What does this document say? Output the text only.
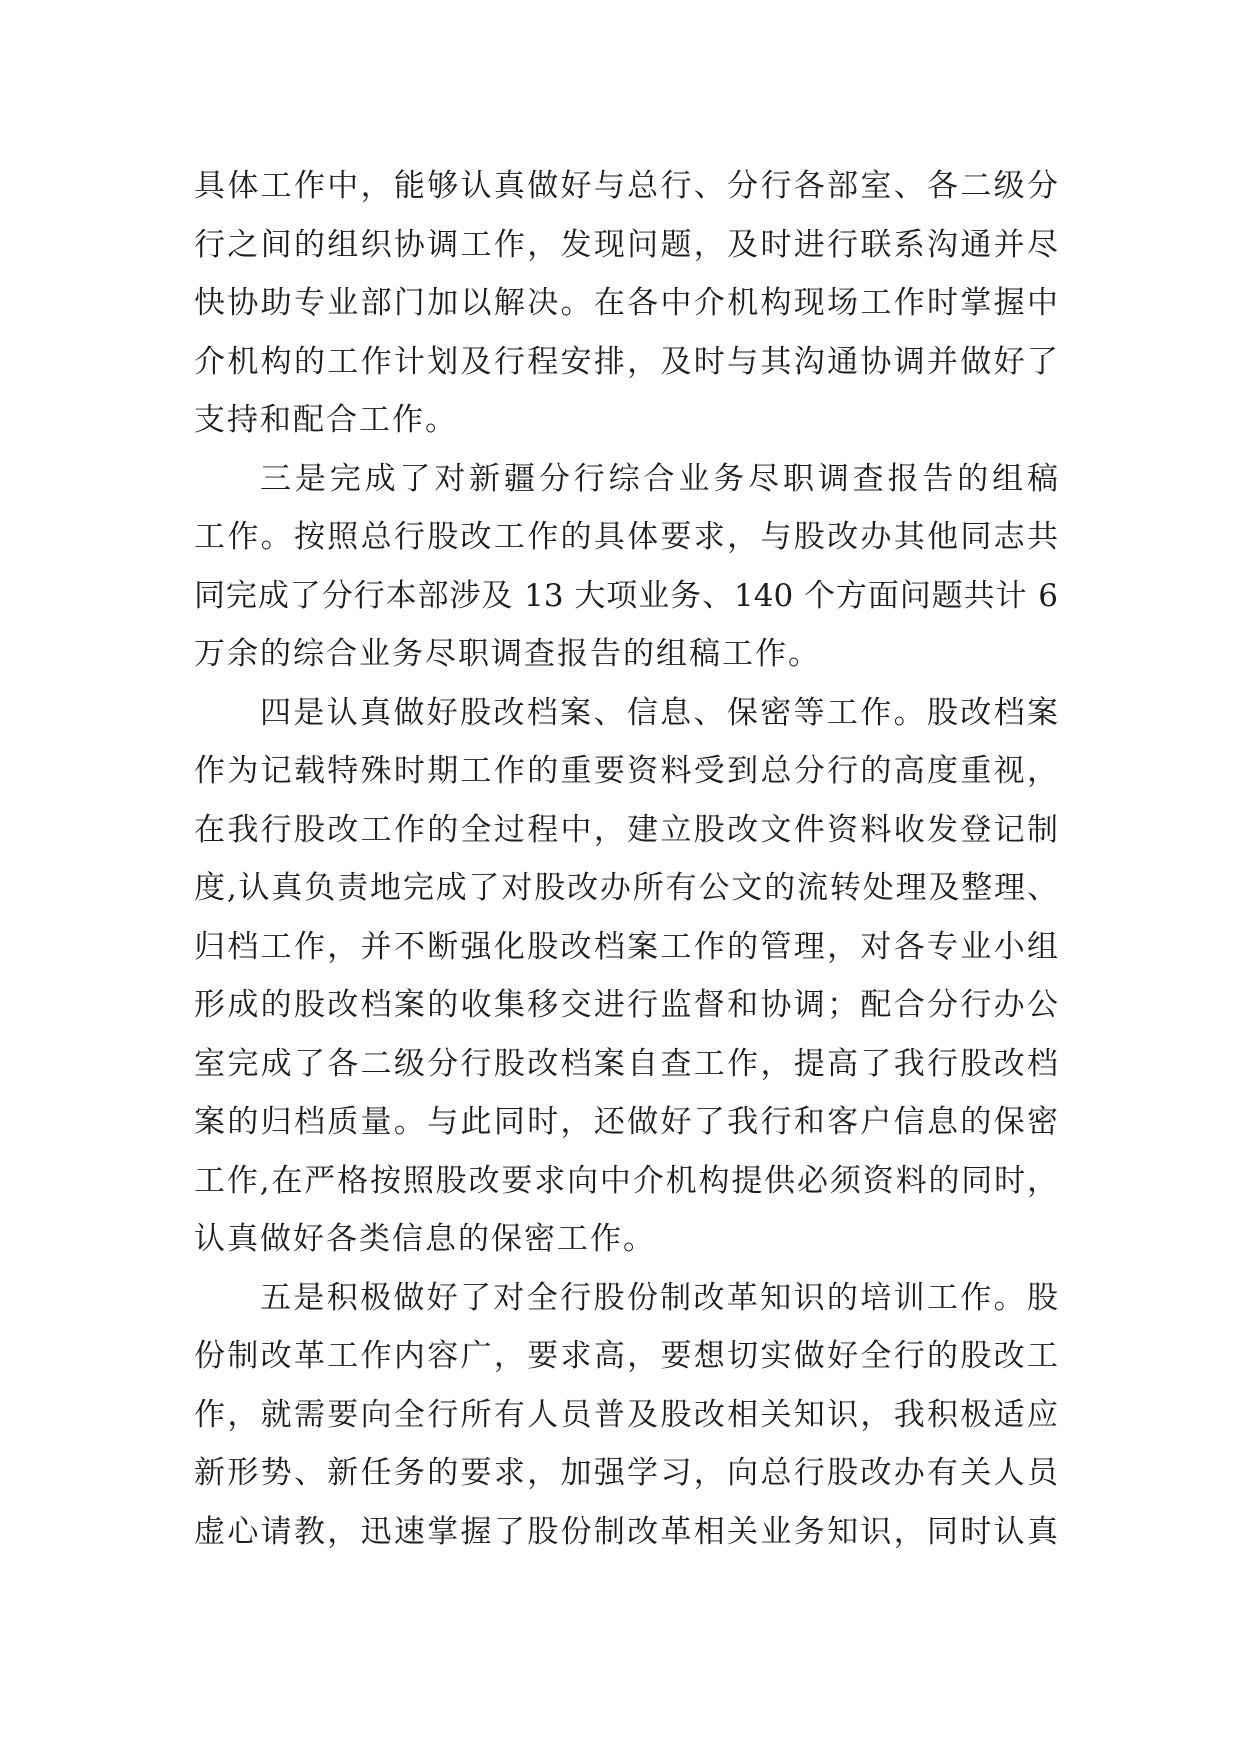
具体工作中，能够认真做好与总行、分行各部室、各二级分
行之间的组织协调工作，发现问题，及时进行联系沟通并尽
快协助专业部门加以解决。在各中介机构现场工作时掌握中
介机构的工作计划及行程安排，及时与其沟通协调并做好了
支持和配合工作。
三是完成了对新疆分行综合业务尽职调查报告的组稿
工作。按照总行股改工作的具体要求，与股改办其他同志共
同完成了分行本部涉及 13 大项业务、140 个方面问题共计 6
万余的综合业务尽职调查报告的组稿工作。
四是认真做好股改档案、信息、保密等工作。股改档案
作为记载特殊时期工作的重要资料受到总分行的高度重视，
在我行股改工作的全过程中，建立股改文件资料收发登记制
度,认真负责地完成了对股改办所有公文的流转处理及整理、
归档工作，并不断强化股改档案工作的管理，对各专业小组
形成的股改档案的收集移交进行监督和协调；配合分行办公
室完成了各二级分行股改档案自查工作，提高了我行股改档
案的归档质量。与此同时，还做好了我行和客户信息的保密
工作,在严格按照股改要求向中介机构提供必须资料的同时，
认真做好各类信息的保密工作。
五是积极做好了对全行股份制改革知识的培训工作。股
份制改革工作内容广，要求高，要想切实做好全行的股改工
作，就需要向全行所有人员普及股改相关知识，我积极适应
新形势、新任务的要求，加强学习，向总行股改办有关人员
虚心请教，迅速掌握了股份制改革相关业务知识，同时认真
